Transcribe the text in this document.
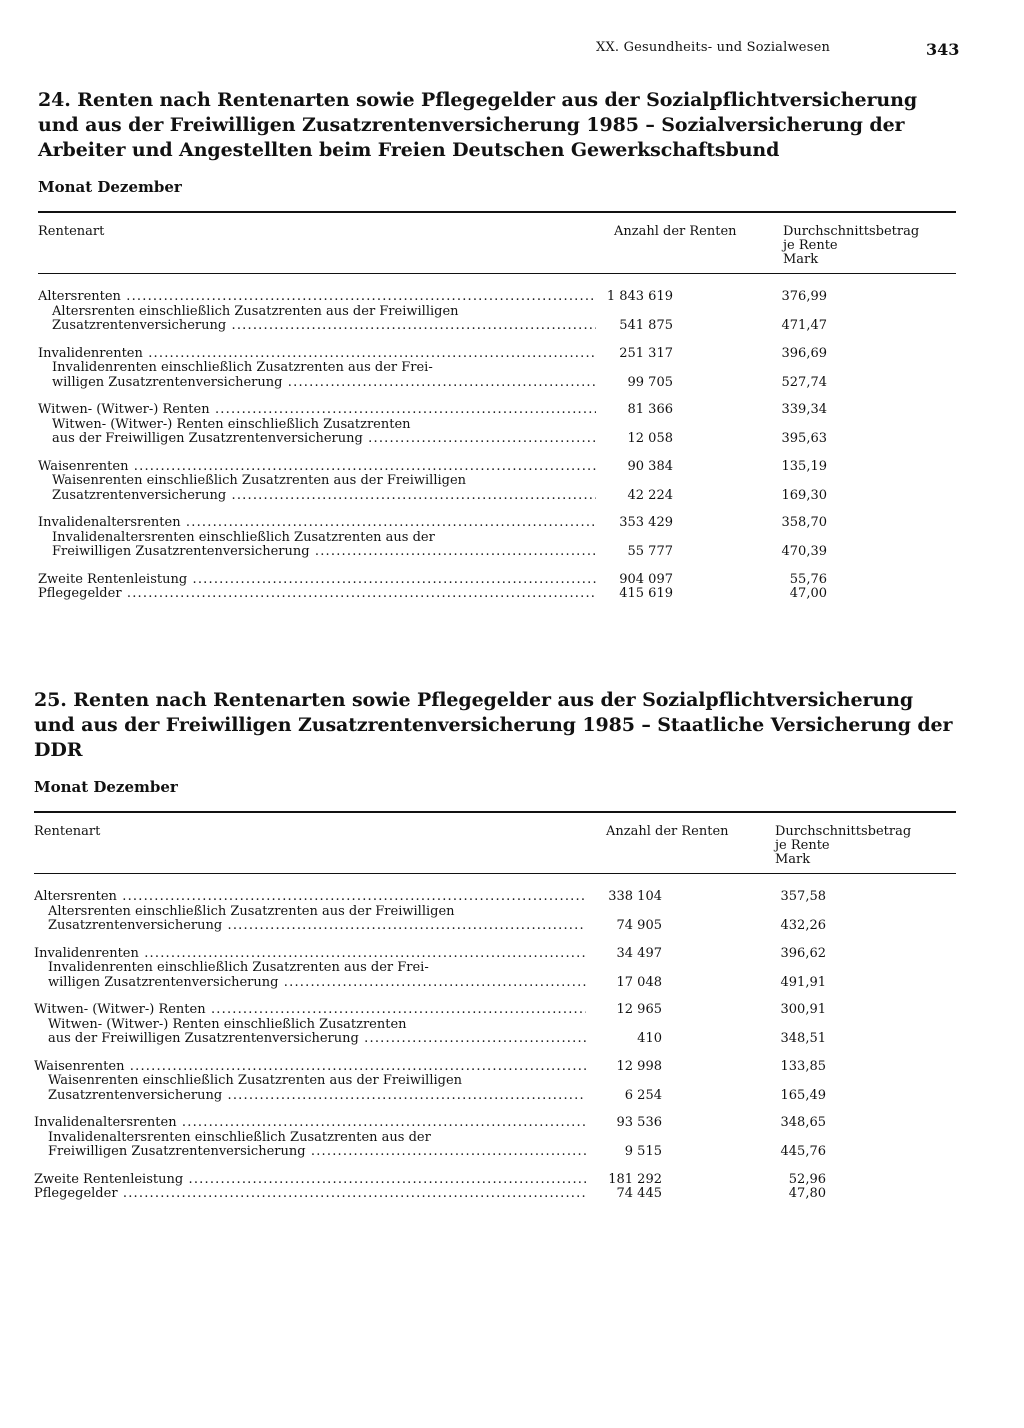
XX. Gesundheits- und Sozialwesen	343
24. Renten nach Rentenarten sowie Pflegegelder aus der Sozialpflichtversicherung und aus der Freiwilligen Zusatzrentenversicherung 1985 – Sozialversicherung der Arbeiter und Angestellten beim Freien Deutschen Gewerkschaftsbund
Monat Dezember
Rentenart	Anzahl der Renten	Durchschnittsbetrag
je Rente
Mark
Altersrenten .....	1 843 619	376,99
Altersrenten einschließlich Zusatzrenten aus der Freiwilligen
Zusatzrentenversicherung .....	541 875	471,47
Invalidenrenten .....	251 317	396,69
Invalidenrenten einschließlich Zusatzrenten aus der Frei-
willigen Zusatzrentenversicherung .....	99 705	527,74
Witwen- (Witwer-) Renten .....	81 366	339,34
Witwen- (Witwer-) Renten einschließlich Zusatzrenten
aus der Freiwilligen Zusatzrentenversicherung .....	12 058	395,63
Waisenrenten .....	90 384	135,19
Waisenrenten einschließlich Zusatzrenten aus der Freiwilligen
Zusatzrentenversicherung .....	42 224	169,30
Invalidenaltersrenten .....	353 429	358,70
Invalidenaltersrenten einschließlich Zusatzrenten aus der
Freiwilligen Zusatzrentenversicherung .....	55 777	470,39
Zweite Rentenleistung .....	904 097	55,76
Pflegegelder .....	415 619	47,00
25. Renten nach Rentenarten sowie Pflegegelder aus der Sozialpflichtversicherung und aus der Freiwilligen Zusatzrentenversicherung 1985 – Staatliche Versicherung der DDR
Monat Dezember
Rentenart	Anzahl der Renten	Durchschnittsbetrag
je Rente
Mark
Altersrenten .....	338 104	357,58
Altersrenten einschließlich Zusatzrenten aus der Freiwilligen
Zusatzrentenversicherung .....	74 905	432,26
Invalidenrenten .....	34 497	396,62
Invalidenrenten einschließlich Zusatzrenten aus der Frei-
willigen Zusatzrentenversicherung .....	17 048	491,91
Witwen- (Witwer-) Renten .....	12 965	300,91
Witwen- (Witwer-) Renten einschließlich Zusatzrenten
aus der Freiwilligen Zusatzrentenversicherung .....	410	348,51
Waisenrenten .....	12 998	133,85
Waisenrenten einschließlich Zusatzrenten aus der Freiwilligen
Zusatzrentenversicherung .....	6 254	165,49
Invalidenaltersrenten .....	93 536	348,65
Invalidenaltersrenten einschließlich Zusatzrenten aus der
Freiwilligen Zusatzrentenversicherung .....	9 515	445,76
Zweite Rentenleistung .....	181 292	52,96
Pflegegelder .....	74 445	47,80
